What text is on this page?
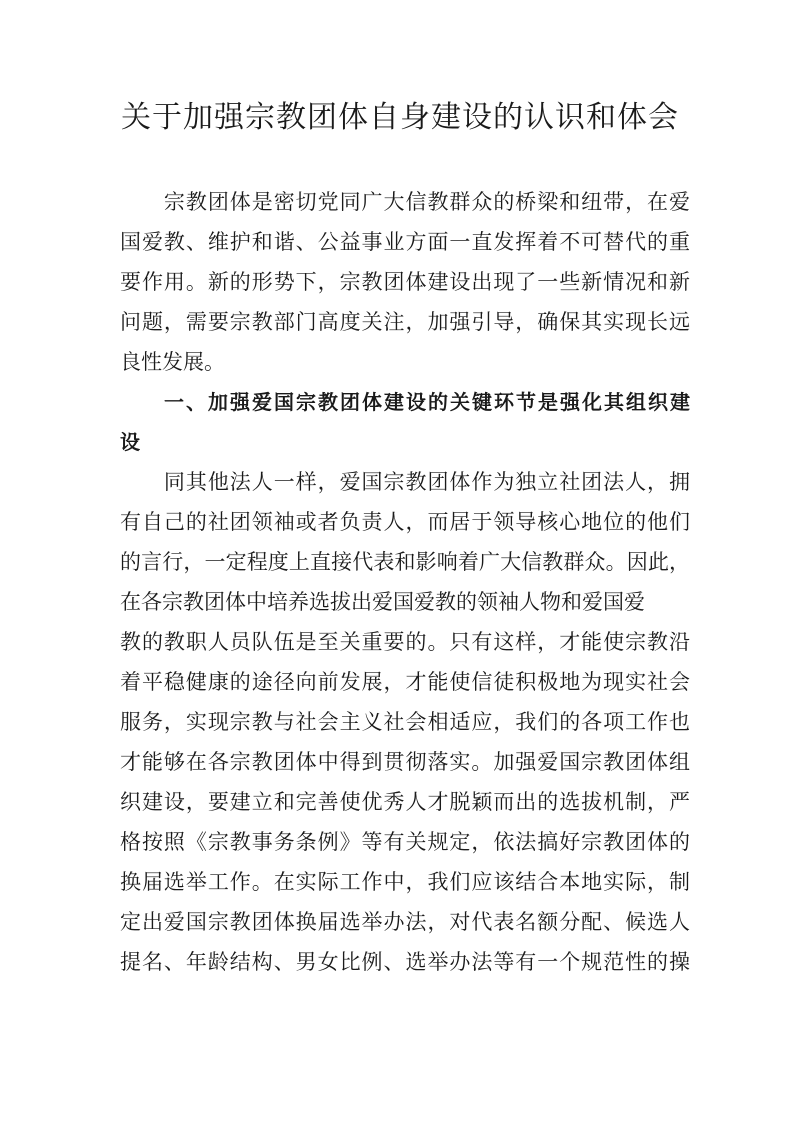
关于加强宗教团体自身建设的认识和体会
　　宗教团体是密切党同广大信教群众的桥梁和纽带，在爱
国爱教、维护和谐、公益事业方面一直发挥着不可替代的重
要作用。新的形势下，宗教团体建设出现了一些新情况和新
问题，需要宗教部门高度关注，加强引导，确保其实现长远
良性发展。
　　一、加强爱国宗教团体建设的关键环节是强化其组织建
设
　　同其他法人一样，爱国宗教团体作为独立社团法人，拥
有自己的社团领袖或者负责人，而居于领导核心地位的他们
的言行，一定程度上直接代表和影响着广大信教群众。因此，
在各宗教团体中培养选拔出爱国爱教的领袖人物和爱国爱
教的教职人员队伍是至关重要的。只有这样，才能使宗教沿
着平稳健康的途径向前发展，才能使信徒积极地为现实社会
服务，实现宗教与社会主义社会相适应，我们的各项工作也
才能够在各宗教团体中得到贯彻落实。加强爱国宗教团体组
织建设，要建立和完善使优秀人才脱颖而出的选拔机制，严
格按照《宗教事务条例》等有关规定，依法搞好宗教团体的
换届选举工作。在实际工作中，我们应该结合本地实际，制
定出爱国宗教团体换届选举办法，对代表名额分配、候选人
提名、年龄结构、男女比例、选举办法等有一个规范性的操
